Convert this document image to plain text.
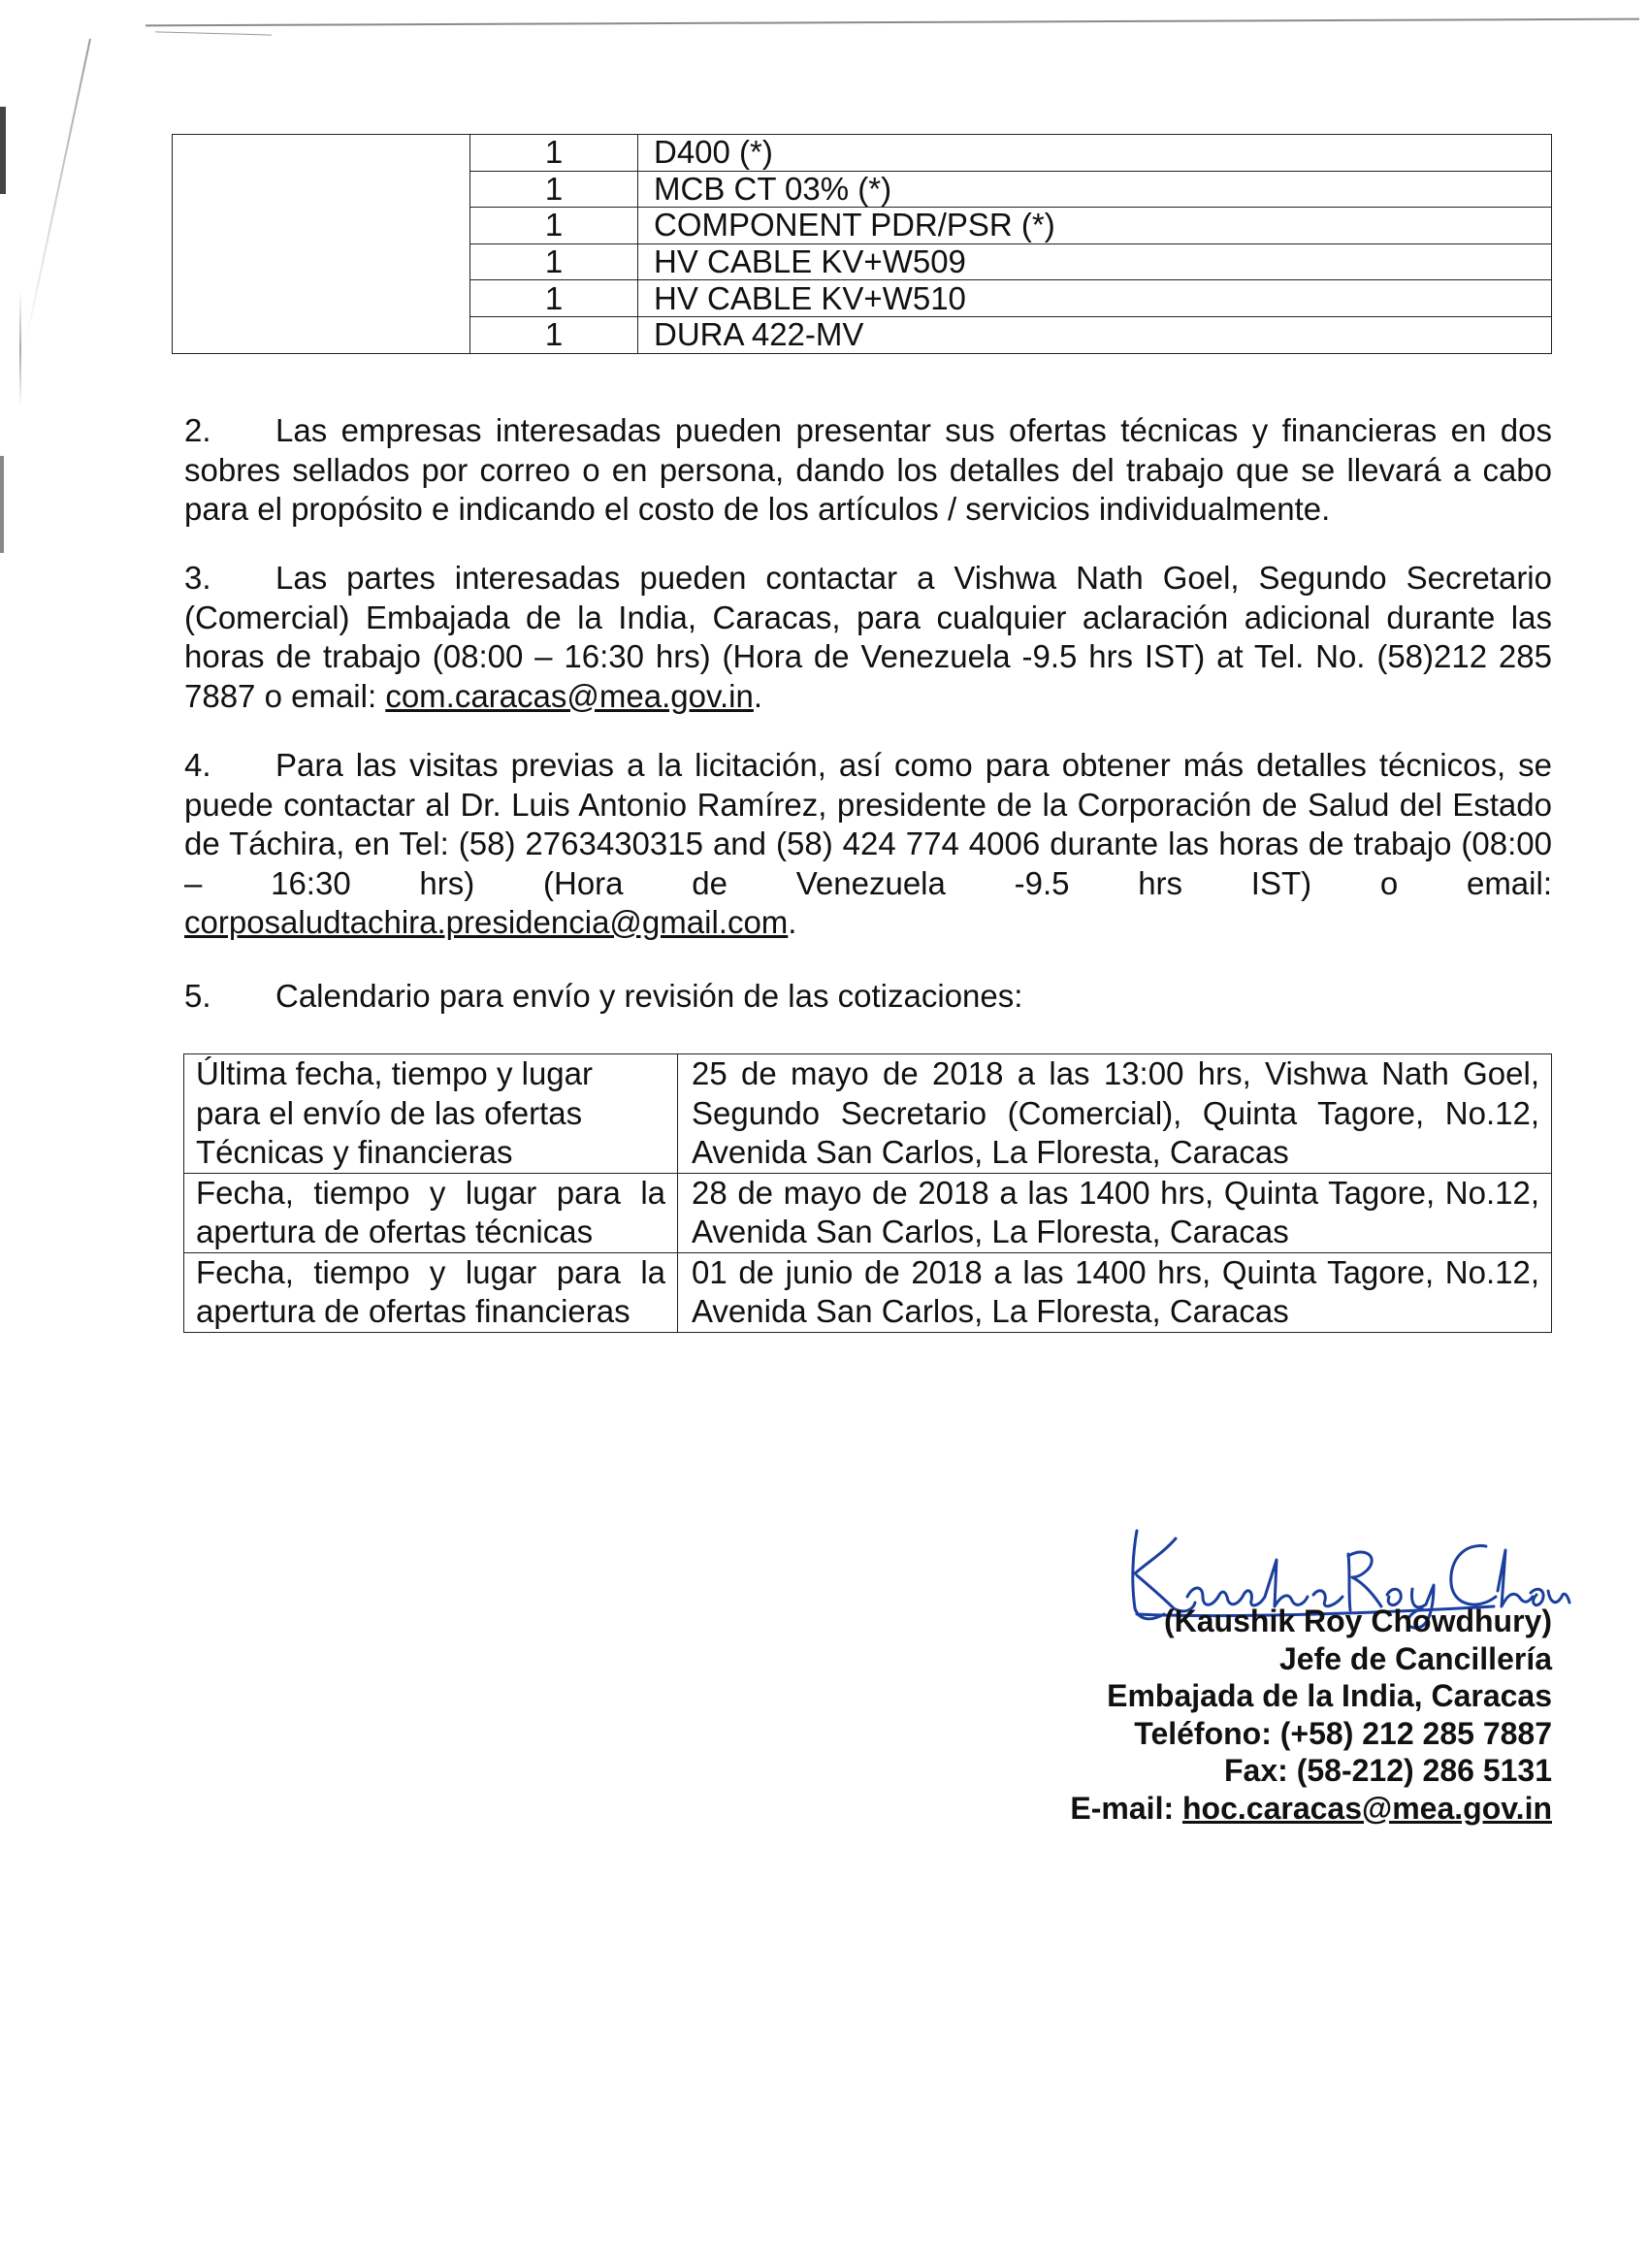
	1	D400 (*)
	1	MCB CT 03% (*)
	1	COMPONENT PDR/PSR (*)
	1	HV CABLE KV+W509
	1	HV CABLE KV+W510
	1	DURA 422-MV

2. Las empresas interesadas pueden presentar sus ofertas técnicas y financieras en dos sobres sellados por correo o en persona, dando los detalles del trabajo que se llevará a cabo para el propósito e indicando el costo de los artículos / servicios individualmente.

3. Las partes interesadas pueden contactar a Vishwa Nath Goel, Segundo Secretario (Comercial) Embajada de la India, Caracas, para cualquier aclaración adicional durante las horas de trabajo (08:00 – 16:30 hrs) (Hora de Venezuela -9.5 hrs IST) at Tel. No. (58)212 285 7887 o email: com.caracas@mea.gov.in.

4. Para las visitas previas a la licitación, así como para obtener más detalles técnicos, se puede contactar al Dr. Luis Antonio Ramírez, presidente de la Corporación de Salud del Estado de Táchira, en Tel: (58) 2763430315 and (58) 424 774 4006 durante las horas de trabajo (08:00 – 16:30 hrs) (Hora de Venezuela -9.5 hrs IST) o email: corposaludtachira.presidencia@gmail.com.

5. Calendario para envío y revisión de las cotizaciones:

Última fecha, tiempo y lugar
para el envío de las ofertas
Técnicas y financieras	25 de mayo de 2018 a las 13:00 hrs, Vishwa Nath Goel,
Segundo Secretario (Comercial), Quinta Tagore, No.12,
Avenida San Carlos, La Floresta, Caracas

Fecha, tiempo y lugar para la
apertura de ofertas técnicas	28 de mayo de 2018 a las 1400 hrs, Quinta Tagore, No.12,
Avenida San Carlos, La Floresta, Caracas

Fecha, tiempo y lugar para la
apertura de ofertas financieras	01 de junio de 2018 a las 1400 hrs, Quinta Tagore, No.12,
Avenida San Carlos, La Floresta, Caracas
(Kaushik Roy Chowdhury)
Jefe de Cancillería
Embajada de la India, Caracas
Teléfono: (+58) 212 285 7887
Fax: (58-212) 286 5131
E-mail: hoc.caracas@mea.gov.in
